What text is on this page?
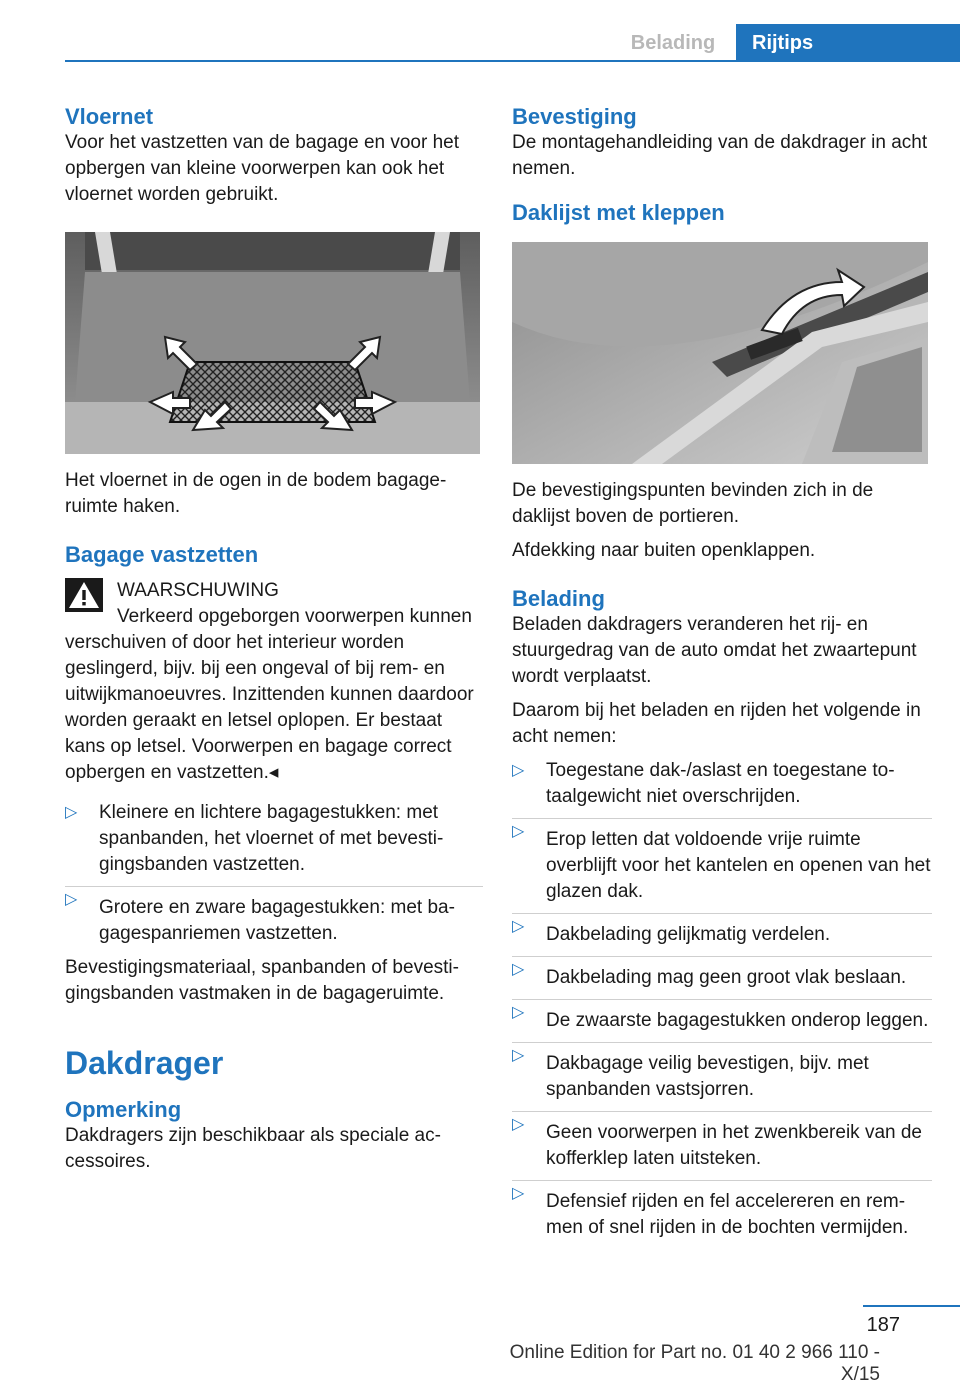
Belading	Rijtips
Vloernet

Voor het vastzetten van de bagage en voor het opbergen van kleine voorwerpen kan ook het vloernet worden gebruikt.

Het vloernet in de ogen in de bodem bagageruimte haken.

Bagage vastzetten

WAARSCHUWING

Verkeerd opgeborgen voorwerpen kunnen verschuiven of door het interieur worden geslingerd, bijv. bij een ongeval of bij rem- en uitwijkmanoeuvres. Inzittenden kunnen daardoor worden geraakt en letsel oplopen. Er bestaat kans op letsel. Voorwerpen en bagage correct opbergen en vastzetten.◂

▷ Kleinere en lichtere bagagestukken: met spanbanden, het vloernet of met bevestigingsbanden vastzetten.
▷ Grotere en zware bagagestukken: met bagagespanriemen vastzetten.

Bevestigingsmateriaal, spanbanden of bevestigingsbanden vastmaken in de bagageruimte.

Dakdrager
Opmerking

Dakdragers zijn beschikbaar als speciale accessoires.

Bevestiging

De montagehandleiding van de dakdrager in acht nemen.

Daklijst met kleppen

De bevestigingspunten bevinden zich in de daklijst boven de portieren.

Afdekking naar buiten openklappen.

Belading

Beladen dakdragers veranderen het rij- en stuurgedrag van de auto omdat het zwaartepunt wordt verplaatst.

Daarom bij het beladen en rijden het volgende in acht nemen:

▷ Toegestane dak-/aslast en toegestane totaalgewicht niet overschrijden.
▷ Erop letten dat voldoende vrije ruimte overblijft voor het kantelen en openen van het glazen dak.
▷ Dakbelading gelijkmatig verdelen.
▷ Dakbelading mag geen groot vlak beslaan.
▷ De zwaarste bagagestukken onderop leggen.
▷ Dakbagage veilig bevestigen, bijv. met spanbanden vastsjorren.
▷ Geen voorwerpen in het zwenkbereik van de kofferklep laten uitsteken.
▷ Defensief rijden en fel accelereren en remmen of snel rijden in de bochten vermijden.
187
Online Edition for Part no. 01 40 2 966 110 - X/15
